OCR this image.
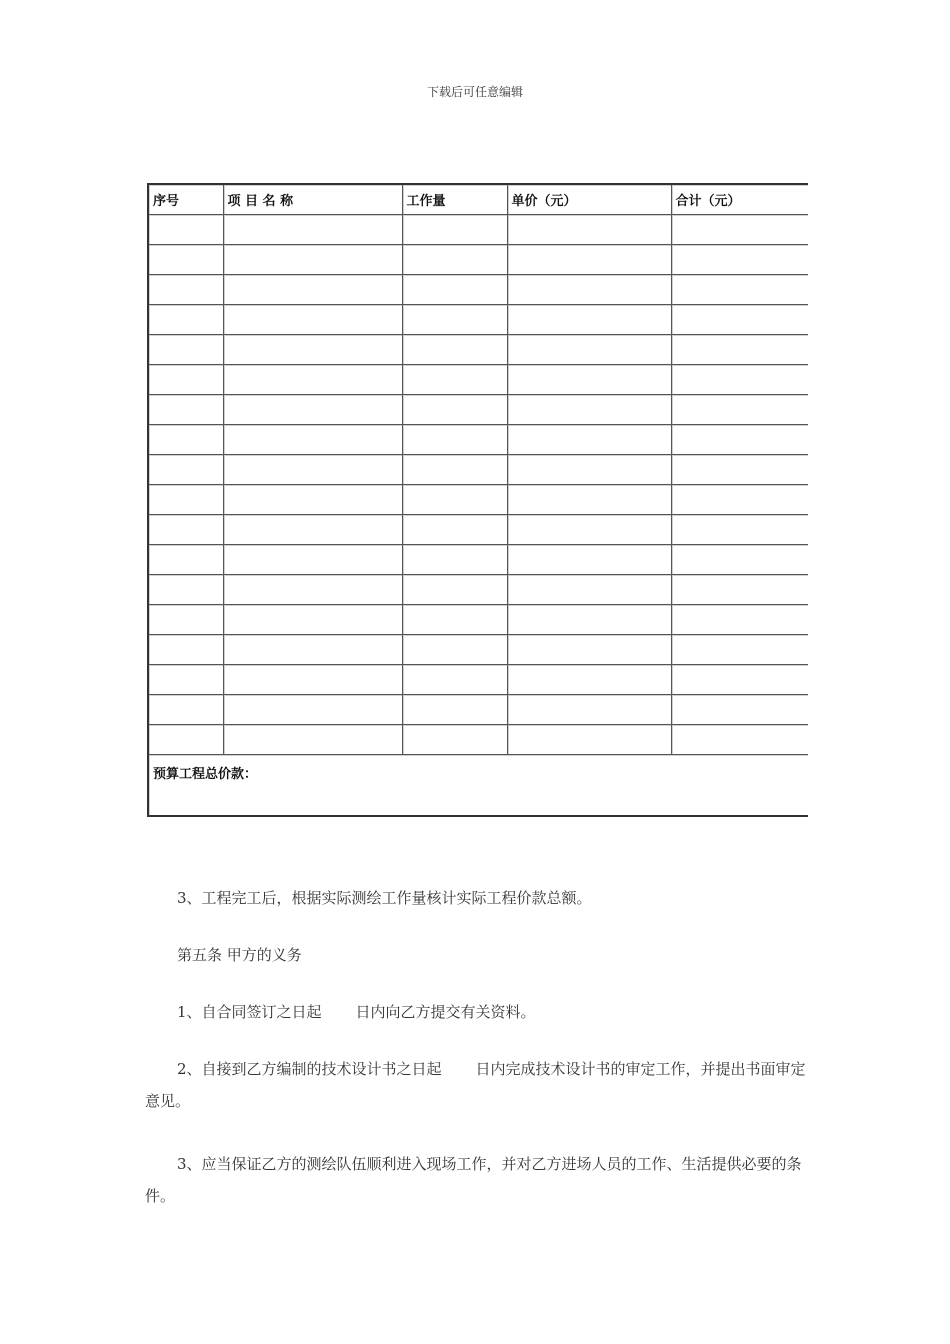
下载后可任意编辑
序号	项 目 名 称	工作量	单价（元）	合计（元）

预算工程总价款：				

3、工程完工后，根据实际测绘工作量核计实际工程价款总额。

第五条 甲方的义务

1、自合同签订之日起 日内向乙方提交有关资料。

2、自接到乙方编制的技术设计书之日起 日内完成技术设计书的审定工作，并提出书面审定意见。

3、应当保证乙方的测绘队伍顺利进入现场工作，并对乙方进场人员的工作、生活提供必要的条件。
